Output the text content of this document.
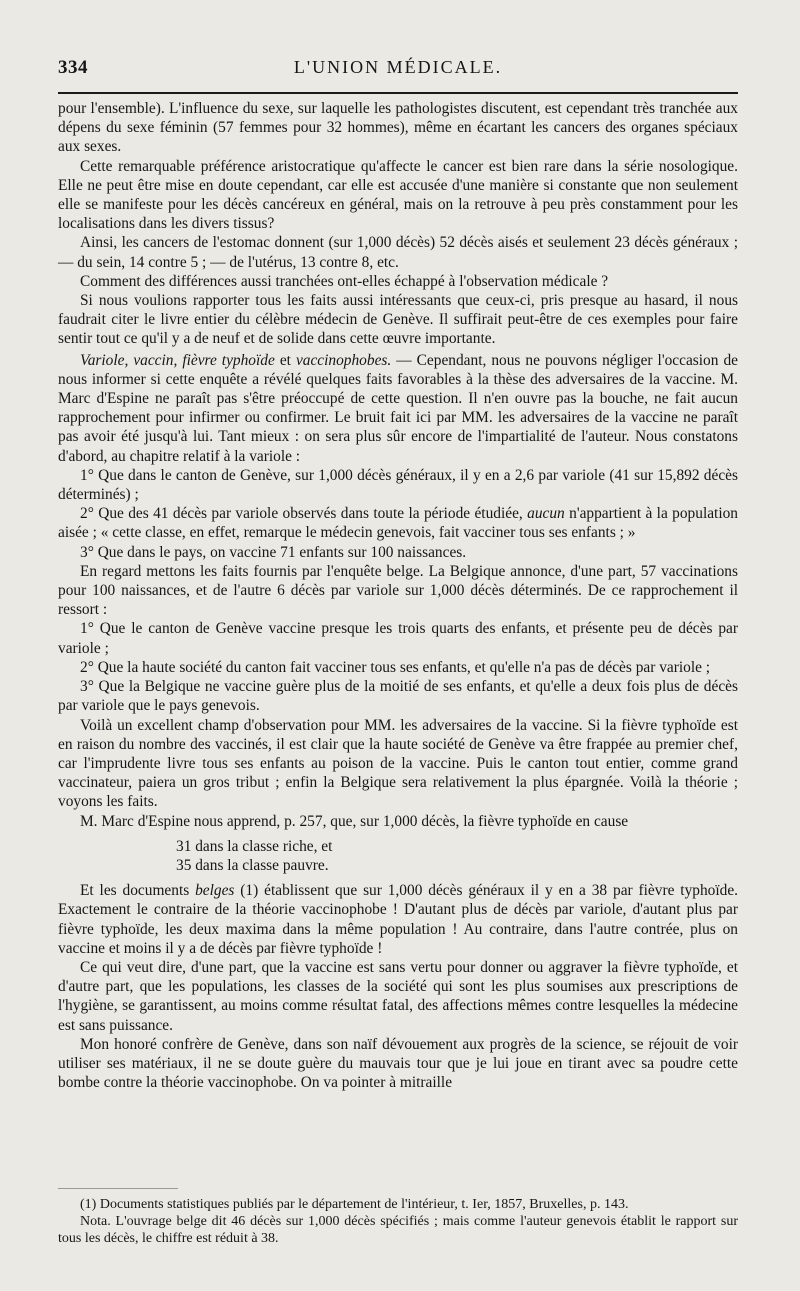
334	L'UNION MÉDICALE.

pour l'ensemble). L'influence du sexe, sur laquelle les pathologistes discutent, est cependant très tranchée aux dépens du sexe féminin (57 femmes pour 32 hommes), même en écartant les cancers des organes spéciaux aux sexes.

Cette remarquable préférence aristocratique qu'affecte le cancer est bien rare dans la série nosologique. Elle ne peut être mise en doute cependant, car elle est accusée d'une manière si constante que non seulement elle se manifeste pour les décès cancéreux en général, mais on la retrouve à peu près constamment pour les localisations dans les divers tissus?

Ainsi, les cancers de l'estomac donnent (sur 1,000 décès) 52 décès aisés et seulement 23 décès généraux ; — du sein, 14 contre 5 ; — de l'utérus, 13 contre 8, etc.

Comment des différences aussi tranchées ont-elles échappé à l'observation médicale ?

Si nous voulions rapporter tous les faits aussi intéressants que ceux-ci, pris presque au hasard, il nous faudrait citer le livre entier du célèbre médecin de Genève. Il suffirait peut-être de ces exemples pour faire sentir tout ce qu'il y a de neuf et de solide dans cette œuvre importante.

Variole, vaccin, fièvre typhoïde et vaccinophobes. — Cependant, nous ne pouvons négliger l'occasion de nous informer si cette enquête a révélé quelques faits favorables à la thèse des adversaires de la vaccine. M. Marc d'Espine ne paraît pas s'être préoccupé de cette question. Il n'en ouvre pas la bouche, ne fait aucun rapprochement pour infirmer ou confirmer. Le bruit fait ici par MM. les adversaires de la vaccine ne paraît pas avoir été jusqu'à lui. Tant mieux : on sera plus sûr encore de l'impartialité de l'auteur. Nous constatons d'abord, au chapitre relatif à la variole :

1° Que dans le canton de Genève, sur 1,000 décès généraux, il y en a 2,6 par variole (41 sur 15,892 décès déterminés) ;

2° Que des 41 décès par variole observés dans toute la période étudiée, aucun n'appartient à la population aisée ; « cette classe, en effet, remarque le médecin genevois, fait vacciner tous ses enfants ; »

3° Que dans le pays, on vaccine 71 enfants sur 100 naissances.

En regard mettons les faits fournis par l'enquête belge. La Belgique annonce, d'une part, 57 vaccinations pour 100 naissances, et de l'autre 6 décès par variole sur 1,000 décès déterminés. De ce rapprochement il ressort :

1° Que le canton de Genève vaccine presque les trois quarts des enfants, et présente peu de décès par variole ;

2° Que la haute société du canton fait vacciner tous ses enfants, et qu'elle n'a pas de décès par variole ;

3° Que la Belgique ne vaccine guère plus de la moitié de ses enfants, et qu'elle a deux fois plus de décès par variole que le pays genevois.

Voilà un excellent champ d'observation pour MM. les adversaires de la vaccine. Si la fièvre typhoïde est en raison du nombre des vaccinés, il est clair que la haute société de Genève va être frappée au premier chef, car l'imprudente livre tous ses enfants au poison de la vaccine. Puis le canton tout entier, comme grand vaccinateur, paiera un gros tribut ; enfin la Belgique sera relativement la plus épargnée. Voilà la théorie ; voyons les faits.

M. Marc d'Espine nous apprend, p. 257, que, sur 1,000 décès, la fièvre typhoïde en cause

31 dans la classe riche, et

35 dans la classe pauvre.

Et les documents belges (1) établissent que sur 1,000 décès généraux il y en a 38 par fièvre typhoïde. Exactement le contraire de la théorie vaccinophobe ! D'autant plus de décès par variole, d'autant plus par fièvre typhoïde, les deux maxima dans la même population ! Au contraire, dans l'autre contrée, plus on vaccine et moins il y a de décès par fièvre typhoïde !

Ce qui veut dire, d'une part, que la vaccine est sans vertu pour donner ou aggraver la fièvre typhoïde, et d'autre part, que les populations, les classes de la société qui sont les plus soumises aux prescriptions de l'hygiène, se garantissent, au moins comme résultat fatal, des affections mêmes contre lesquelles la médecine est sans puissance.

Mon honoré confrère de Genève, dans son naïf dévouement aux progrès de la science, se réjouit de voir utiliser ses matériaux, il ne se doute guère du mauvais tour que je lui joue en tirant avec sa poudre cette bombe contre la théorie vaccinophobe. On va pointer à mitraille

(1) Documents statistiques publiés par le département de l'intérieur, t. Ier, 1857, Bruxelles, p. 143.

Nota. L'ouvrage belge dit 46 décès sur 1,000 décès spécifiés ; mais comme l'auteur genevois établit le rapport sur tous les décès, le chiffre est réduit à 38.
